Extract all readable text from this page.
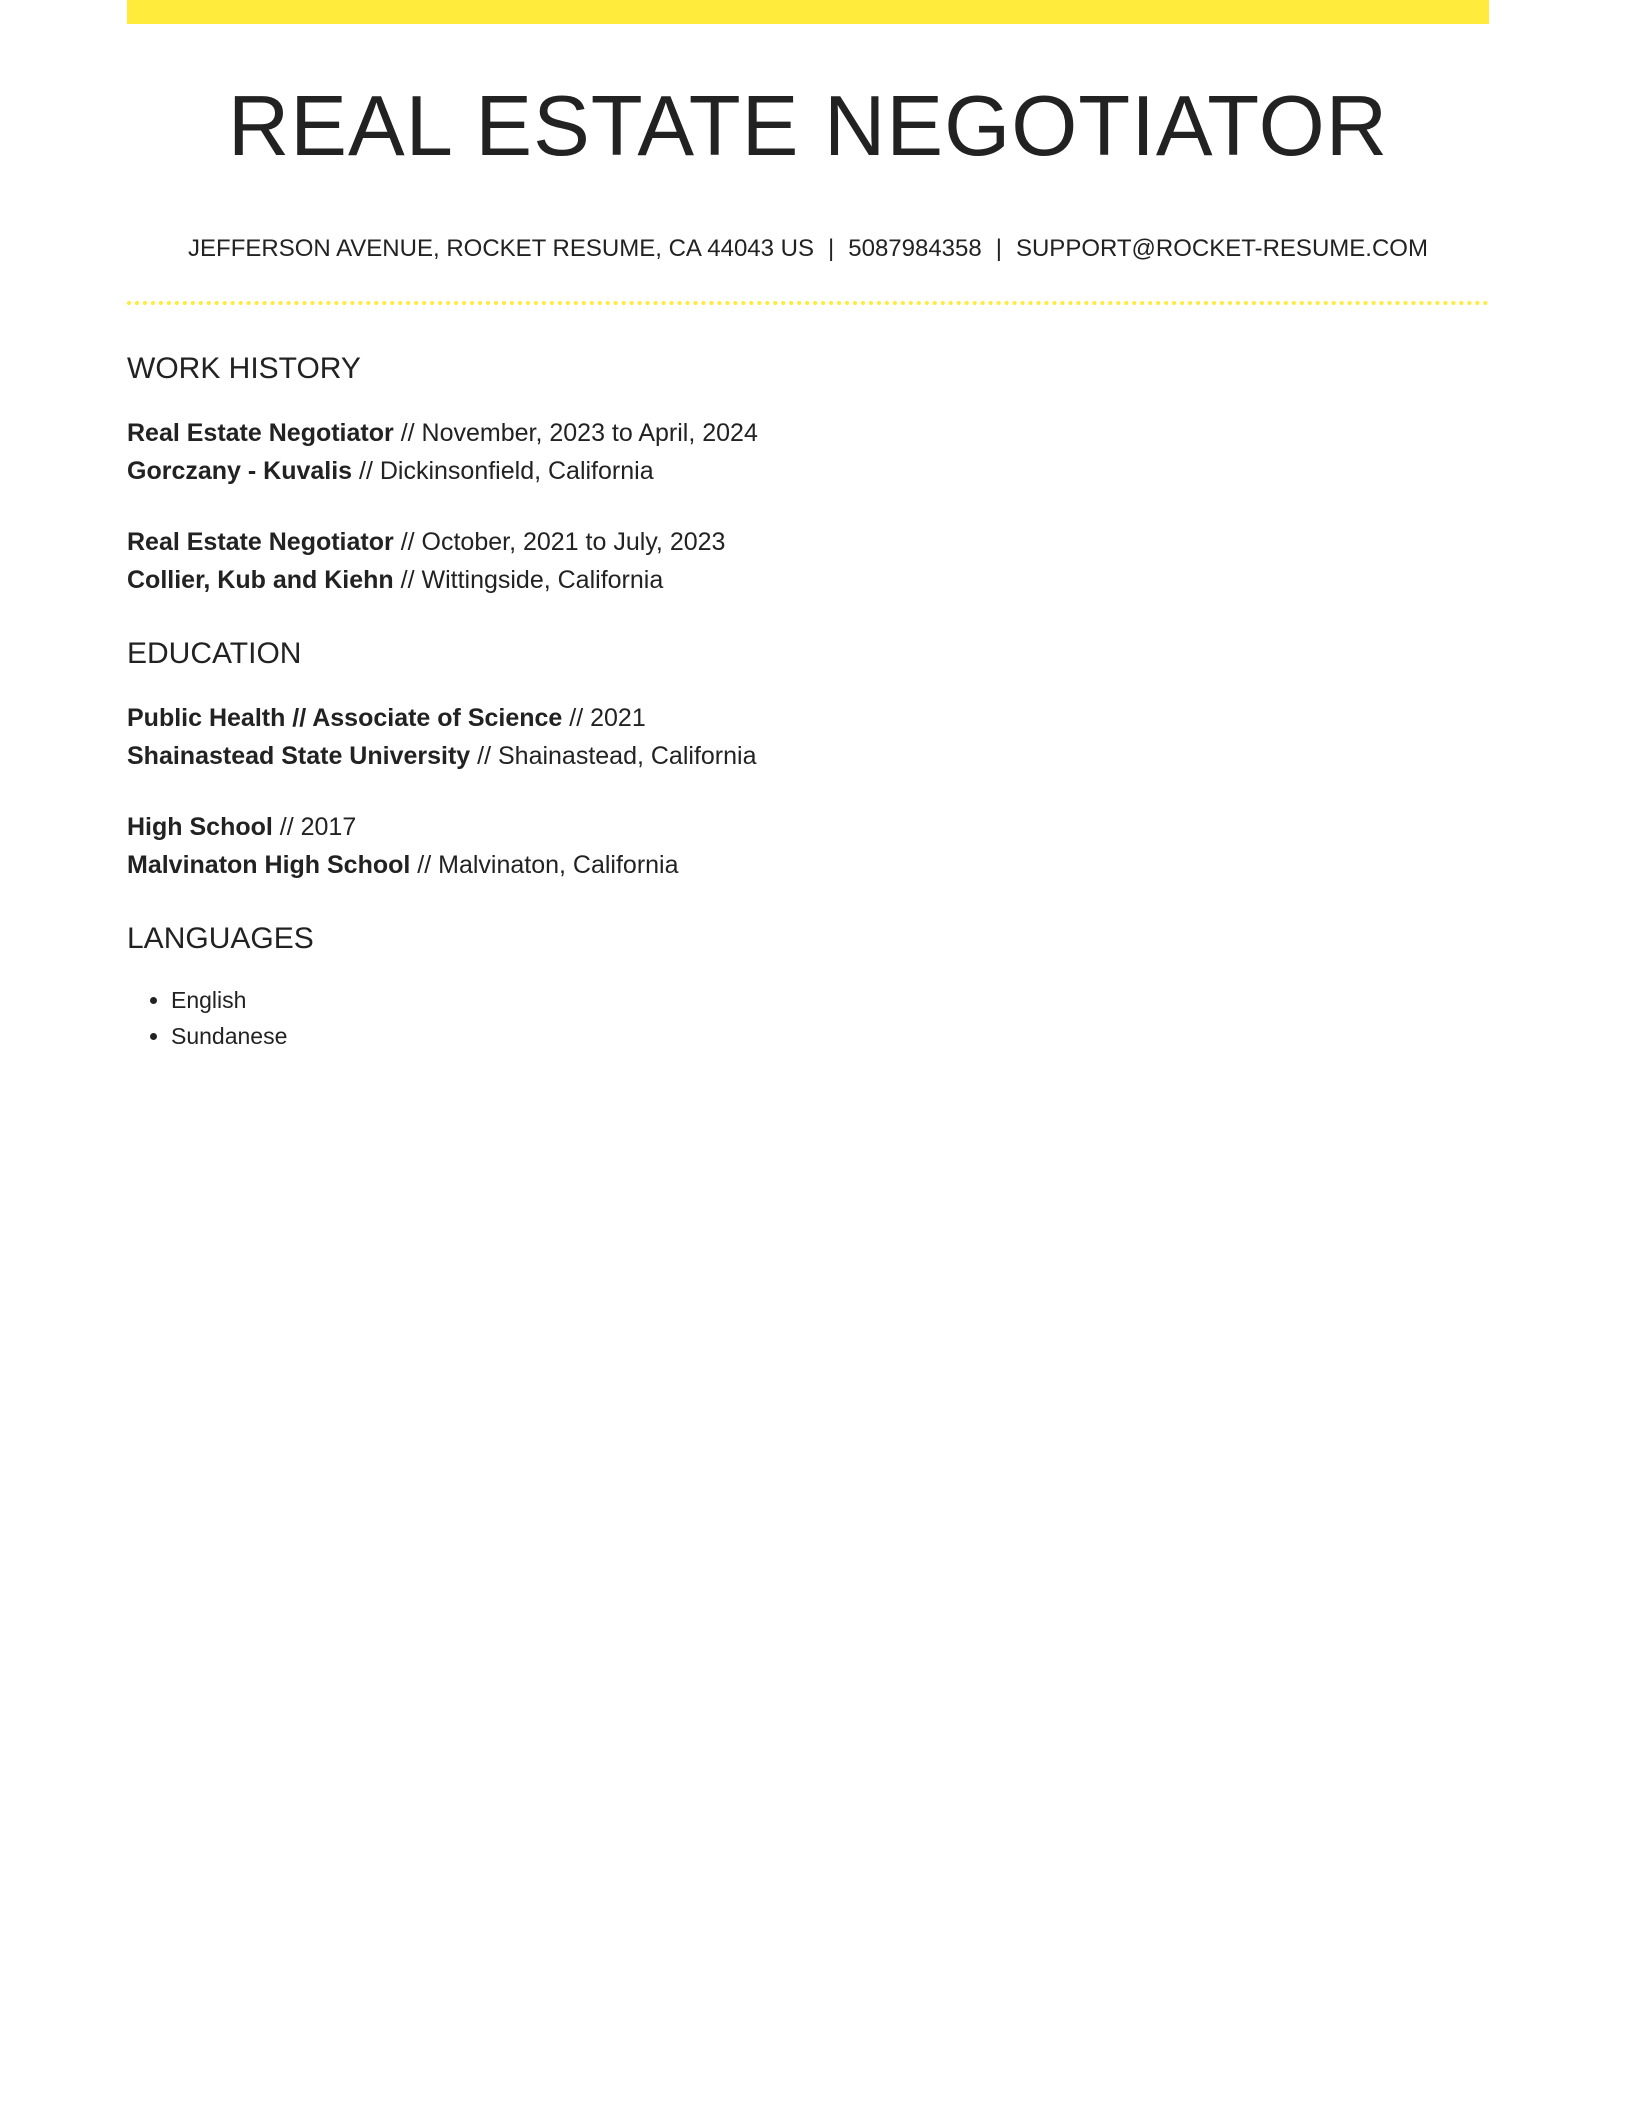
REAL ESTATE NEGOTIATOR
JEFFERSON AVENUE, ROCKET RESUME, CA 44043 US | 5087984358 | SUPPORT@ROCKET-RESUME.COM
WORK HISTORY
Real Estate Negotiator // November, 2023 to April, 2024
Gorczany - Kuvalis // Dickinsonfield, California
Real Estate Negotiator // October, 2021 to July, 2023
Collier, Kub and Kiehn // Wittingside, California
EDUCATION
Public Health // Associate of Science // 2021
Shainastead State University // Shainastead, California
High School // 2017
Malvinaton High School // Malvinaton, California
LANGUAGES
• English
• Sundanese
